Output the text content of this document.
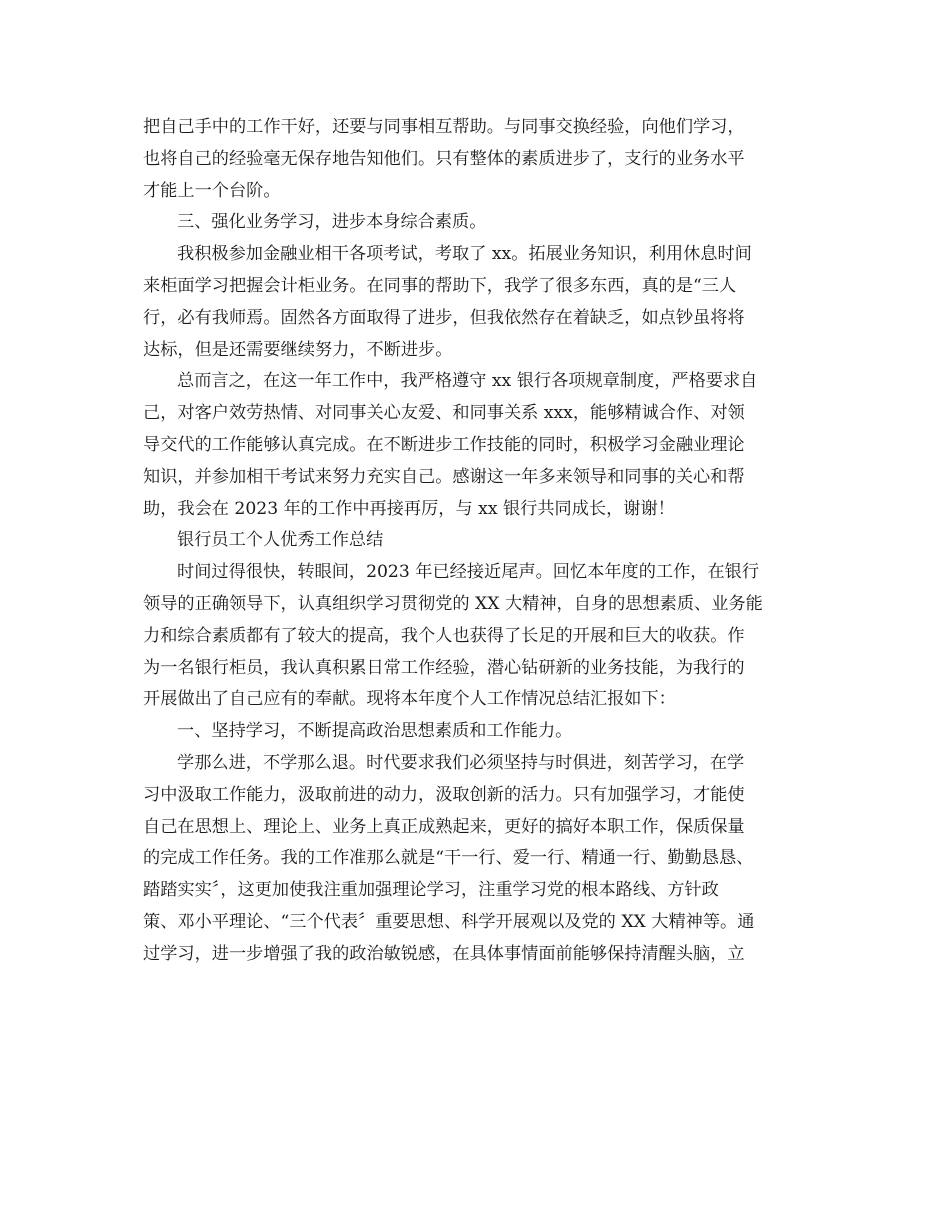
把自己手中的工作干好，还要与同事相互帮助。与同事交换经验，向他们学习，
也将自己的经验毫无保存地告知他们。只有整体的素质进步了，支行的业务水平
才能上一个台阶。
三、强化业务学习，进步本身综合素质。
我积极参加金融业相干各项考试，考取了 xx。拓展业务知识，利用休息时间
来柜面学习把握会计柜业务。在同事的帮助下，我学了很多东西，真的是“三人
行，必有我师焉。固然各方面取得了进步，但我依然存在着缺乏，如点钞虽将将
达标，但是还需要继续努力，不断进步。
总而言之，在这一年工作中，我严格遵守 xx 银行各项规章制度，严格要求自
己，对客户效劳热情、对同事关心友爱、和同事关系 xxx，能够精诚合作、对领
导交代的工作能够认真完成。在不断进步工作技能的同时，积极学习金融业理论
知识，并参加相干考试来努力充实自己。感谢这一年多来领导和同事的关心和帮
助，我会在 2023 年的工作中再接再厉，与 xx 银行共同成长，谢谢！
银行员工个人优秀工作总结
时间过得很快，转眼间，2023 年已经接近尾声。回忆本年度的工作，在银行
领导的正确领导下，认真组织学习贯彻党的 XX 大精神，自身的思想素质、业务能
力和综合素质都有了较大的提高，我个人也获得了长足的开展和巨大的收获。作
为一名银行柜员，我认真积累日常工作经验，潜心钻研新的业务技能，为我行的
开展做出了自己应有的奉献。现将本年度个人工作情况总结汇报如下：
一、坚持学习，不断提高政治思想素质和工作能力。
学那么进，不学那么退。时代要求我们必须坚持与时俱进，刻苦学习，在学
习中汲取工作能力，汲取前进的动力，汲取创新的活力。只有加强学习，才能使
自己在思想上、理论上、业务上真正成熟起来，更好的搞好本职工作，保质保量
的完成工作任务。我的工作准那么就是“干一行、爱一行、精通一行、勤勤恳恳、
踏踏实实〞，这更加使我注重加强理论学习，注重学习党的根本路线、方针政
策、邓小平理论、“三个代表〞重要思想、科学开展观以及党的 XX 大精神等。通
过学习，进一步增强了我的政治敏锐感，在具体事情面前能够保持清醒头脑，立
